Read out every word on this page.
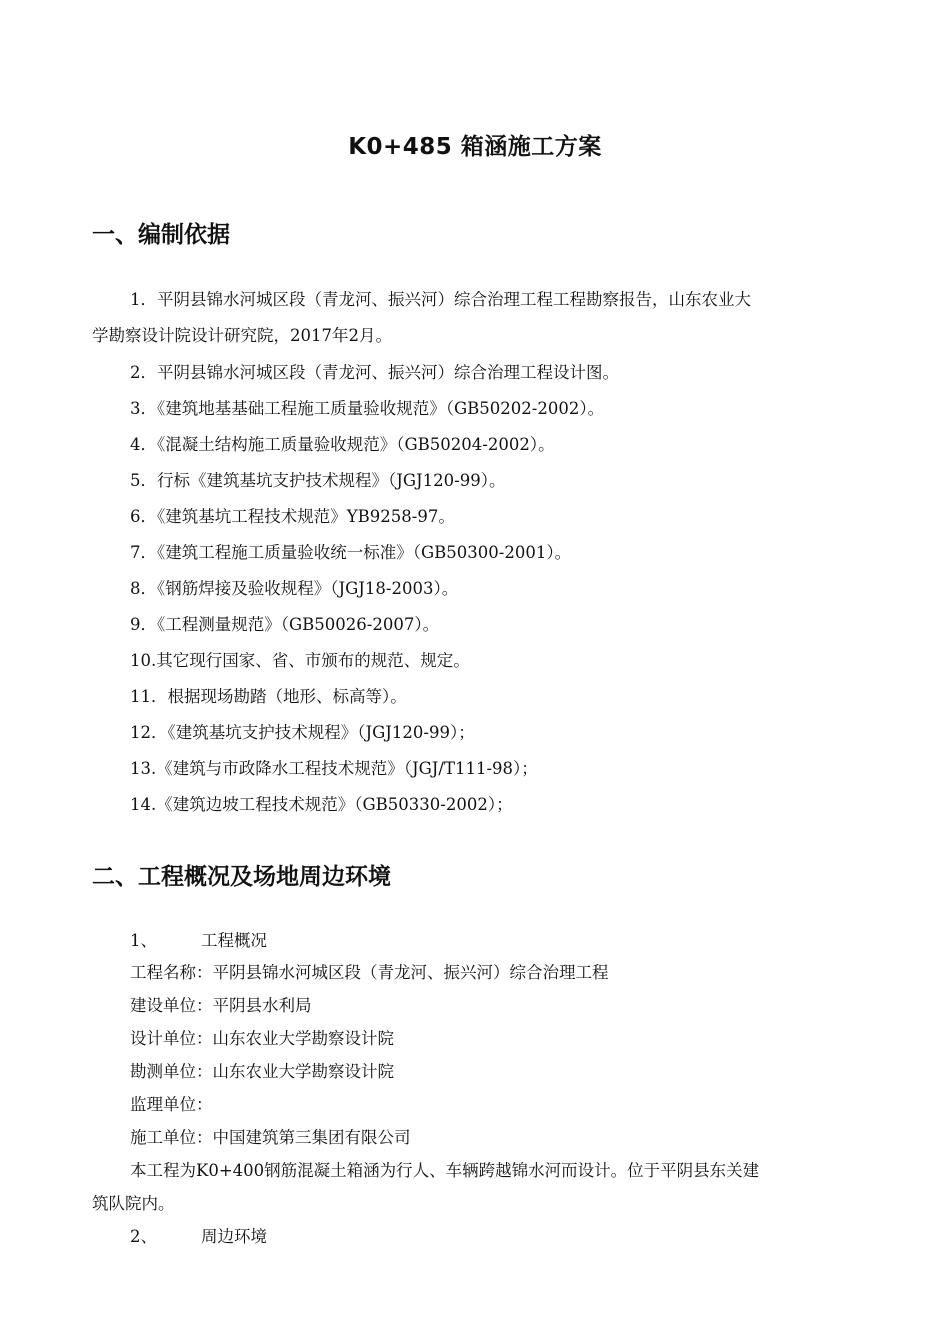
K0+485 箱涵施工方案
一、编制依据
1．平阴县锦水河城区段（青龙河、振兴河）综合治理工程工程勘察报告，山东农业大
学勘察设计院设计研究院，2017年2月。
2．平阴县锦水河城区段（青龙河、振兴河）综合治理工程设计图。
3．《建筑地基基础工程施工质量验收规范》（GB50202-2002）。
4．《混凝土结构施工质量验收规范》（GB50204-2002）。
5．行标《建筑基坑支护技术规程》（JGJ120-99）。
6．《建筑基坑工程技术规范》YB9258-97。
7．《建筑工程施工质量验收统一标准》（GB50300-2001）。
8．《钢筋焊接及验收规程》（JGJ18-2003）。
9．《工程测量规范》（GB50026-2007）。
10.其它现行国家、省、市颁布的规范、规定。
11．根据现场勘踏（地形、标高等）。
12．《建筑基坑支护技术规程》（JGJ120-99）；
13.《建筑与市政降水工程技术规范》（JGJ/T111-98）；
14.《建筑边坡工程技术规范》（GB50330-2002）；
二、工程概况及场地周边环境
1、	工程概况
工程名称：平阴县锦水河城区段（青龙河、振兴河）综合治理工程
建设单位：平阴县水利局
设计单位：山东农业大学勘察设计院
勘测单位：山东农业大学勘察设计院
监理单位：
施工单位：中国建筑第三集团有限公司
本工程为K0+400钢筋混凝土箱涵为行人、车辆跨越锦水河而设计。位于平阴县东关建
筑队院内。
2、	周边环境
